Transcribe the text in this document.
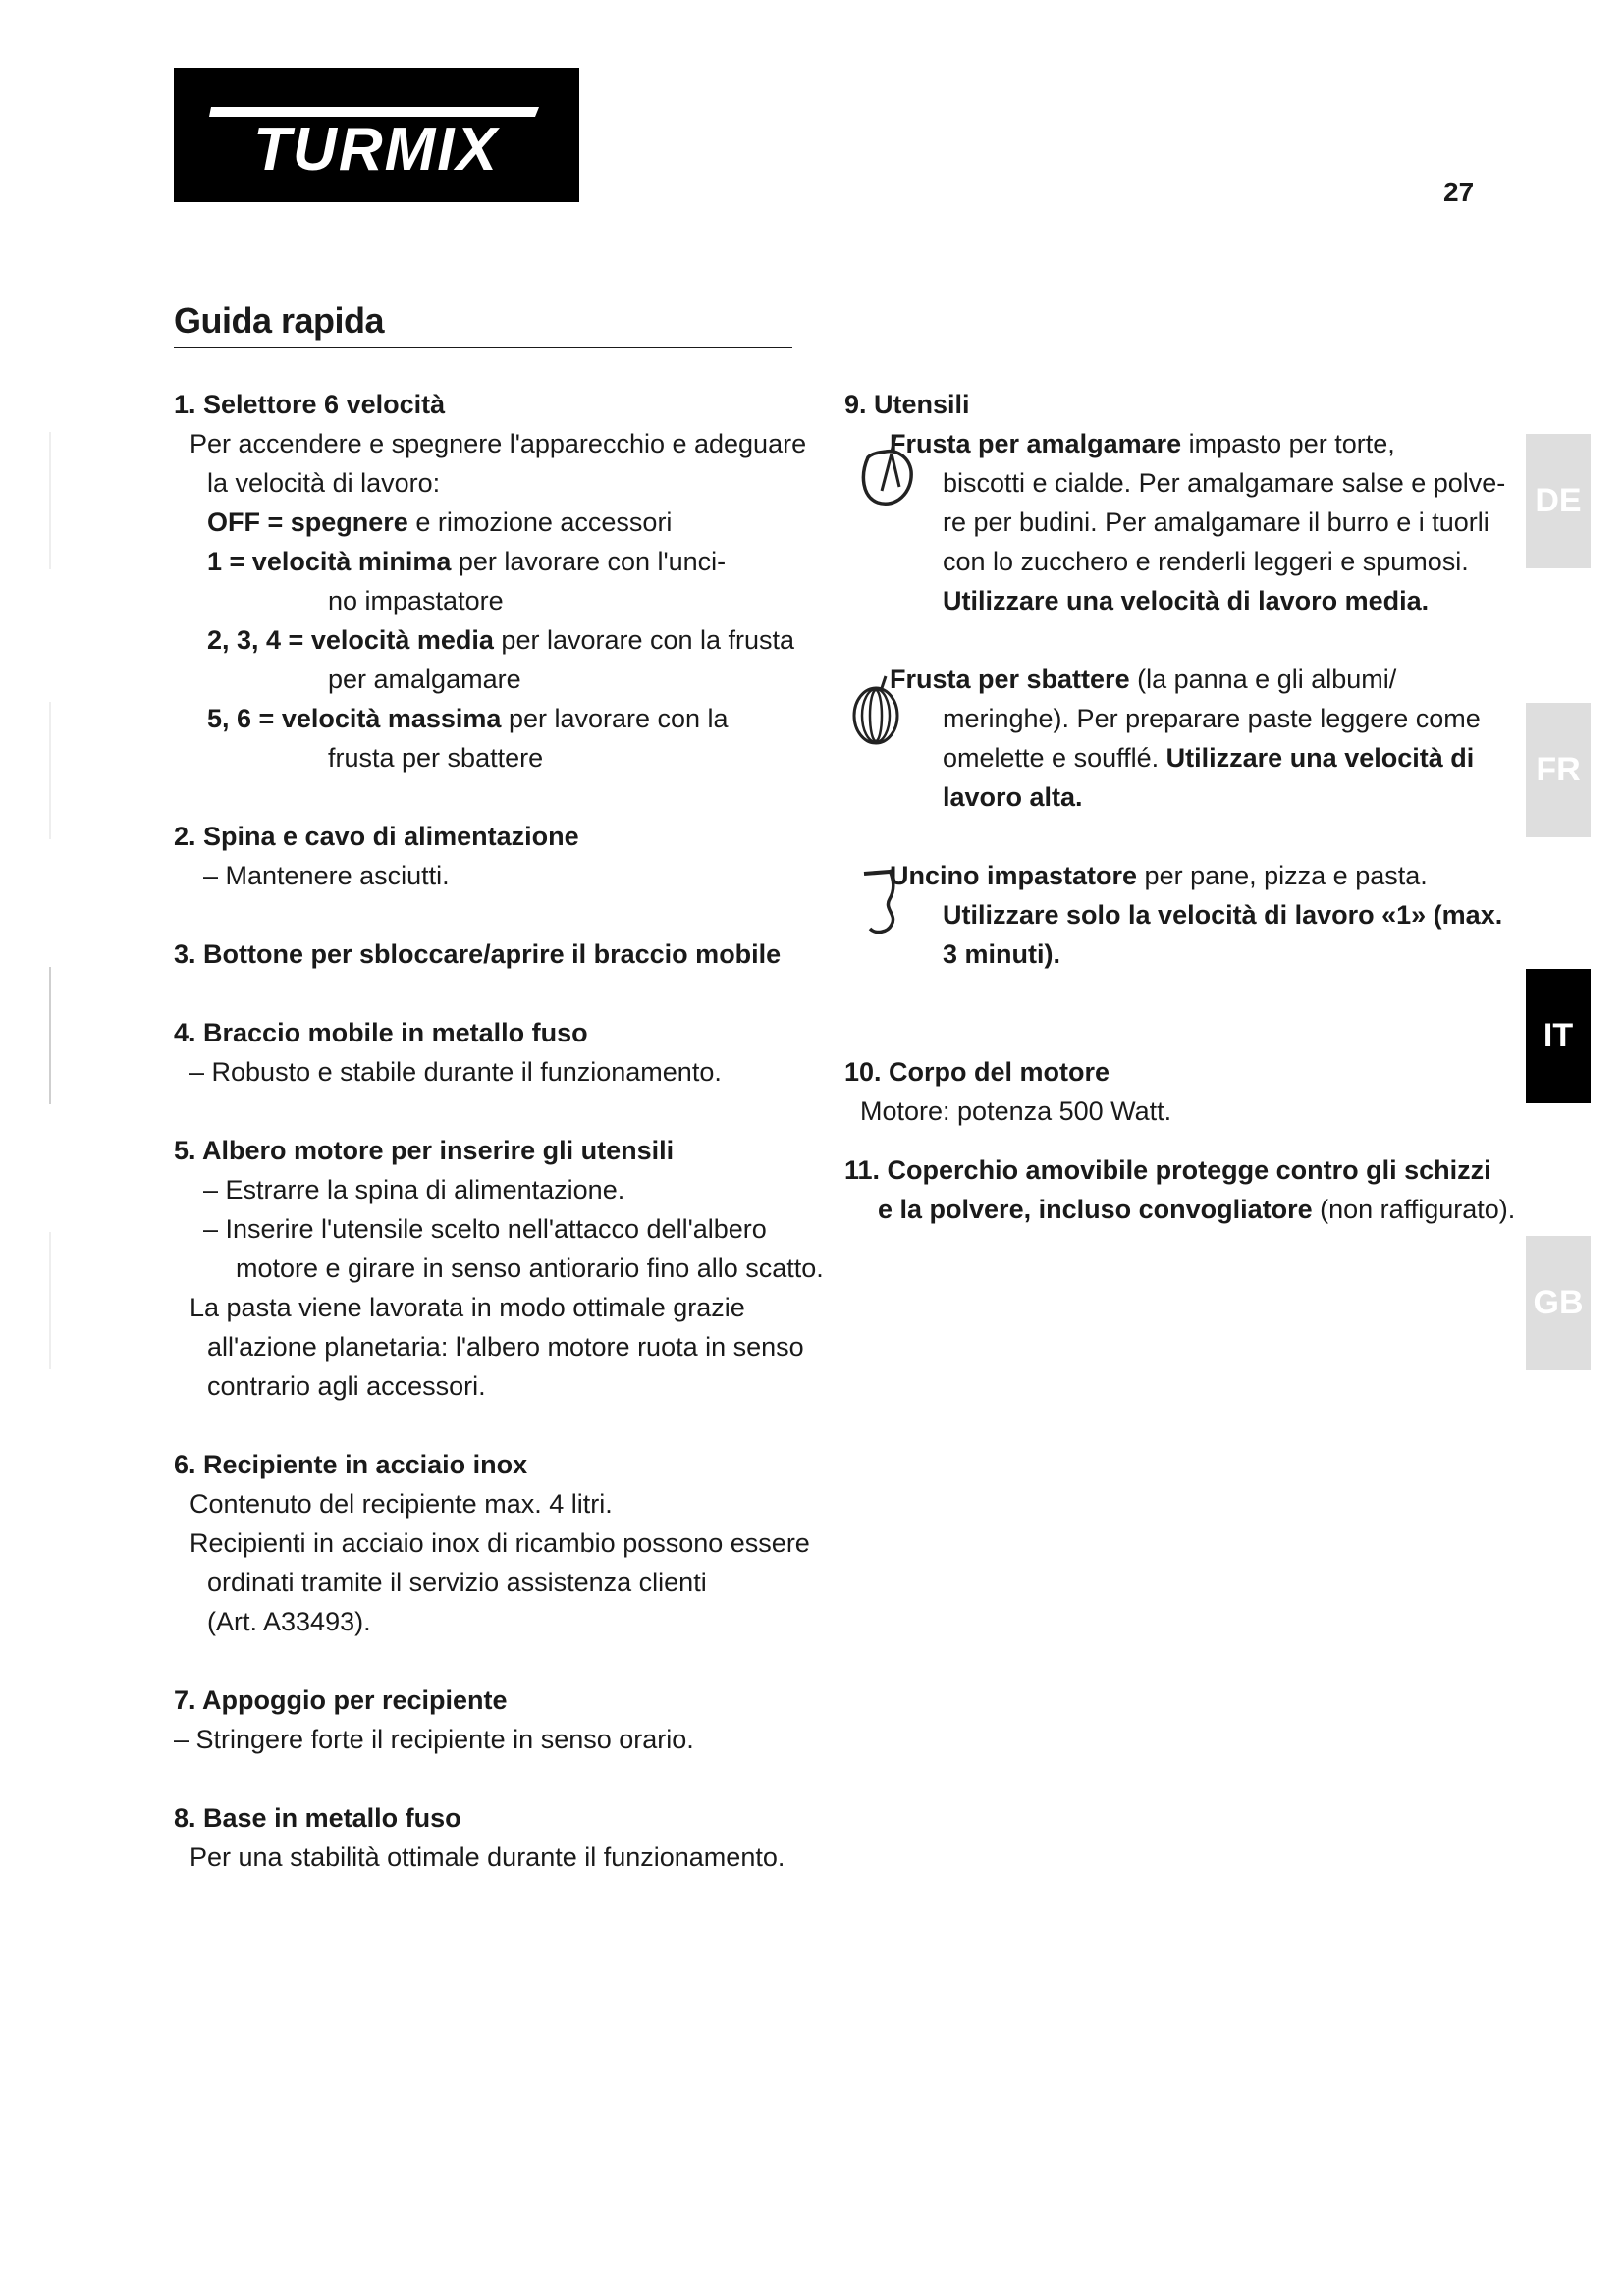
TURMIX
27
Guida rapida

1. Selettore 6 velocità

Per accendere e spegnere l'apparecchio e adeguare

la velocità di lavoro:

OFF = spegnere e rimozione accessori

1 = velocità minima per lavorare con l'unci-

no impastatore

2, 3, 4 = velocità media per lavorare con la frusta

per amalgamare

5, 6 = velocità massima per lavorare con la

frusta per sbattere

2. Spina e cavo di alimentazione

– Mantenere asciutti.

3. Bottone per sbloccare/aprire il braccio mobile

4. Braccio mobile in metallo fuso

– Robusto e stabile durante il funzionamento.

5. Albero motore per inserire gli utensili

– Estrarre la spina di alimentazione.

– Inserire l'utensile scelto nell'attacco dell'albero

motore e girare in senso antiorario fino allo scatto.

La pasta viene lavorata in modo ottimale grazie

all'azione planetaria: l'albero motore ruota in senso

contrario agli accessori.

6. Recipiente in acciaio inox

Contenuto del recipiente max. 4 litri.

Recipienti in acciaio inox di ricambio possono essere

ordinati tramite il servizio assistenza clienti

(Art. A33493).

7. Appoggio per recipiente

– Stringere forte il recipiente in senso orario.

8. Base in metallo fuso

Per una stabilità ottimale durante il funzionamento.

9. Utensili

Frusta per amalgamare impasto per torte,

biscotti e cialde. Per amalgamare salse e polve-

re per budini. Per amalgamare il burro e i tuorli

con lo zucchero e renderli leggeri e spumosi.

Utilizzare una velocità di lavoro media.

Frusta per sbattere (la panna e gli albumi/

meringhe). Per preparare paste leggere come

omelette e soufflé. Utilizzare una velocità di

lavoro alta.

Uncino impastatore per pane, pizza e pasta.

Utilizzare solo la velocità di lavoro «1» (max.

3 minuti).

10. Corpo del motore

Motore: potenza 500 Watt.

11. Coperchio amovibile protegge contro gli schizzi

e la polvere, incluso convogliatore (non raffigurato).

DE
FR
IT
GB
